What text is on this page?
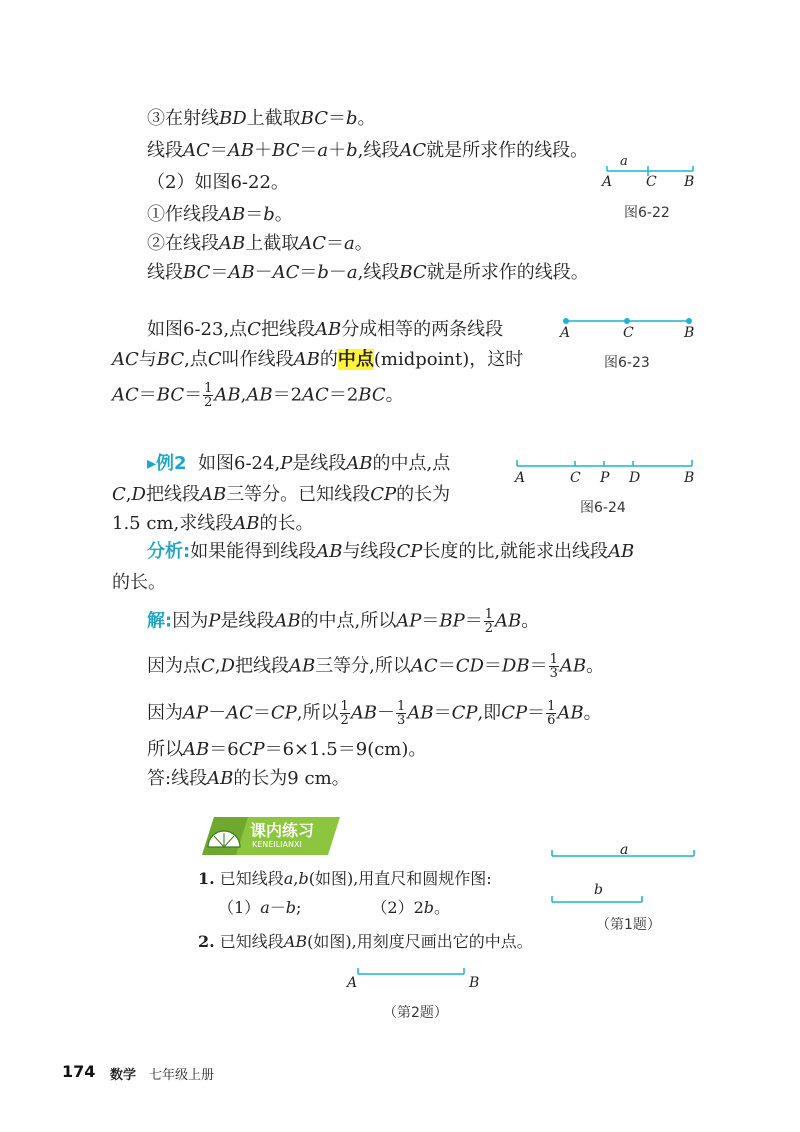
③在射线BD上截取BC＝b。
线段AC＝AB＋BC＝a＋b,线段AC就是所求作的线段。
（2）如图6-22。
①作线段AB＝b。
②在线段AB上截取AC＝a。
线段BC＝AB－AC＝b－a,线段BC就是所求作的线段。
a
A C B
图6-22
如图6-23,点C把线段AB分成相等的两条线段
AC与BC,点C叫作线段AB的中点(midpoint)，这时
$AC=BC= \frac{1}{2} AB,AB=2AC=2BC$。
A	C	B
图6-23
▸例2 如图6-24,P是线段AB的中点,点
C,D把线段AB三等分。已知线段CP的长为
1.5 cm,求线段AB的长。
A	C P D	B
图6-24
分析:如果能得到线段AB与线段CP长度的比,就能求出线段AB
的长。
解:因为P是线段AB的中点,所以$AP=BP= \frac{1}{2}$ AB。
因为点C,D把线段AB三等分,所以$AC=CD=DB= \frac{1}{3}$ AB。
因为AP－AC＝CP,所以 $\frac{1}{2} AB- \frac{1}{3} AB=CP$,即$CP= \frac{1}{6}$ AB。
所以AB＝6CP＝6×1.5＝9(cm)。
答:线段AB的长为9 cm。
课内练习
KENEILIANXI
1. 已知线段a,b(如图),用直尺和圆规作图:
（1）a－b;	（2）2b。
2. 已知线段AB(如图),用刻度尺画出它的中点。
a
b
（第1题）
A	B
（第2题）
174 数学 七年级上册
